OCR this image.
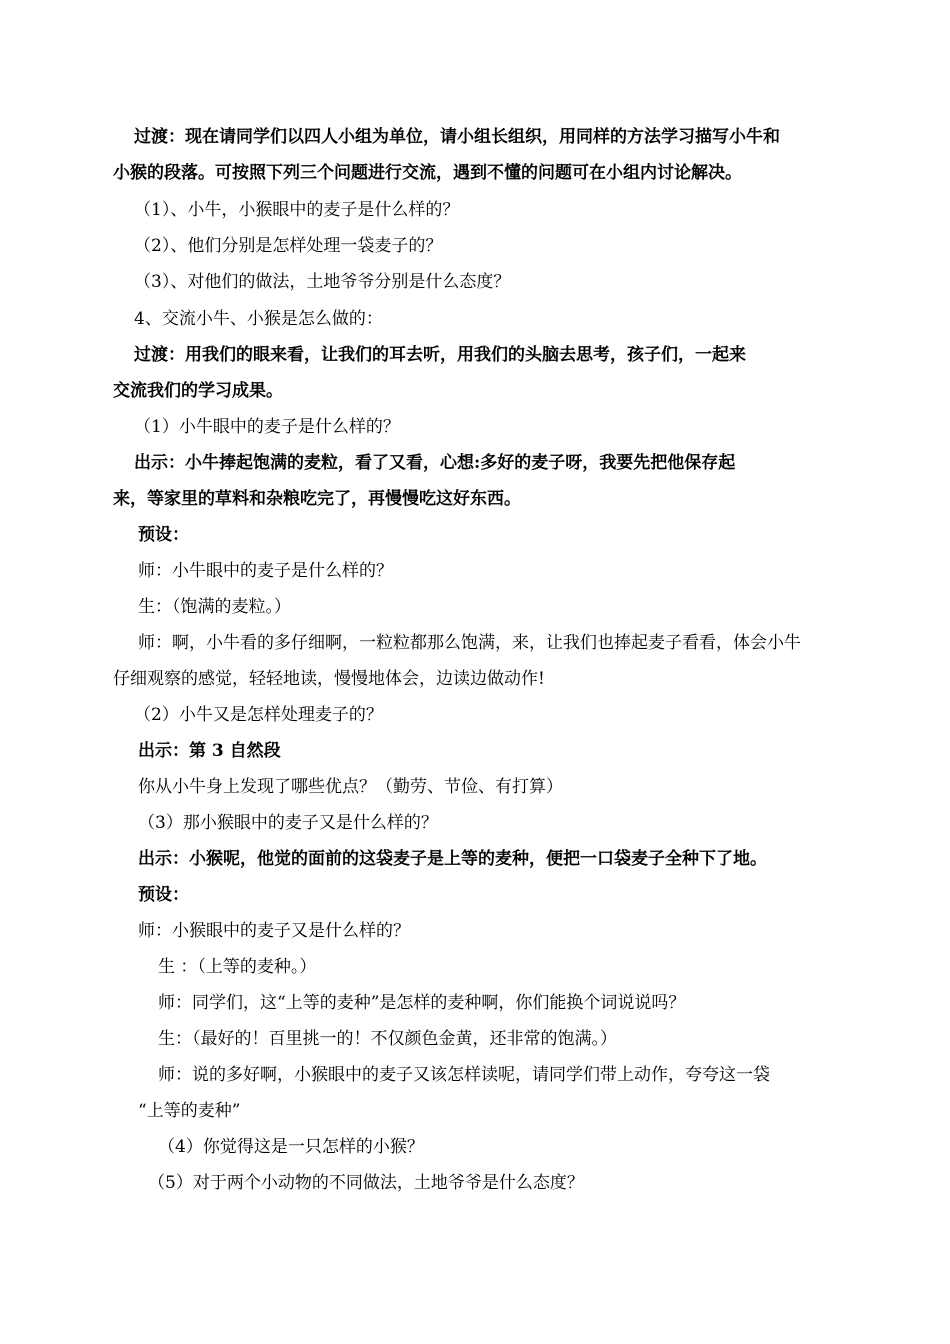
过渡：现在请同学们以四人小组为单位，请小组长组织，用同样的方法学习描写小牛和
小猴的段落。可按照下列三个问题进行交流，遇到不懂的问题可在小组内讨论解决。
（1）、小牛，小猴眼中的麦子是什么样的？
（2）、他们分别是怎样处理一袋麦子的？
（3）、对他们的做法，土地爷爷分别是什么态度？
4、交流小牛、小猴是怎么做的：
过渡：用我们的眼来看，让我们的耳去听，用我们的头脑去思考，孩子们，一起来
交流我们的学习成果。
（1）小牛眼中的麦子是什么样的？
出示：小牛捧起饱满的麦粒，看了又看，心想:多好的麦子呀，我要先把他保存起
来，等家里的草料和杂粮吃完了，再慢慢吃这好东西。
预设：
师：小牛眼中的麦子是什么样的？
生：（饱满的麦粒。）
师：啊，小牛看的多仔细啊，一粒粒都那么饱满，来，让我们也捧起麦子看看，体会小牛
仔细观察的感觉，轻轻地读，慢慢地体会，边读边做动作!
（2）小牛又是怎样处理麦子的？
出示：第 3 自然段
你从小牛身上发现了哪些优点？（勤劳、节俭、有打算）
（3）那小猴眼中的麦子又是什么样的？
出示：小猴呢，他觉的面前的这袋麦子是上等的麦种，便把一口袋麦子全种下了地。
预设：
师：小猴眼中的麦子又是什么样的？
生 ：（上等的麦种。）
师：同学们，这“上等的麦种”是怎样的麦种啊，你们能换个词说说吗？
生：（最好的！百里挑一的！不仅颜色金黄，还非常的饱满。）
师：说的多好啊，小猴眼中的麦子又该怎样读呢，请同学们带上动作，夸夸这一袋
“上等的麦种”
（4）你觉得这是一只怎样的小猴？
（5）对于两个小动物的不同做法，土地爷爷是什么态度？
